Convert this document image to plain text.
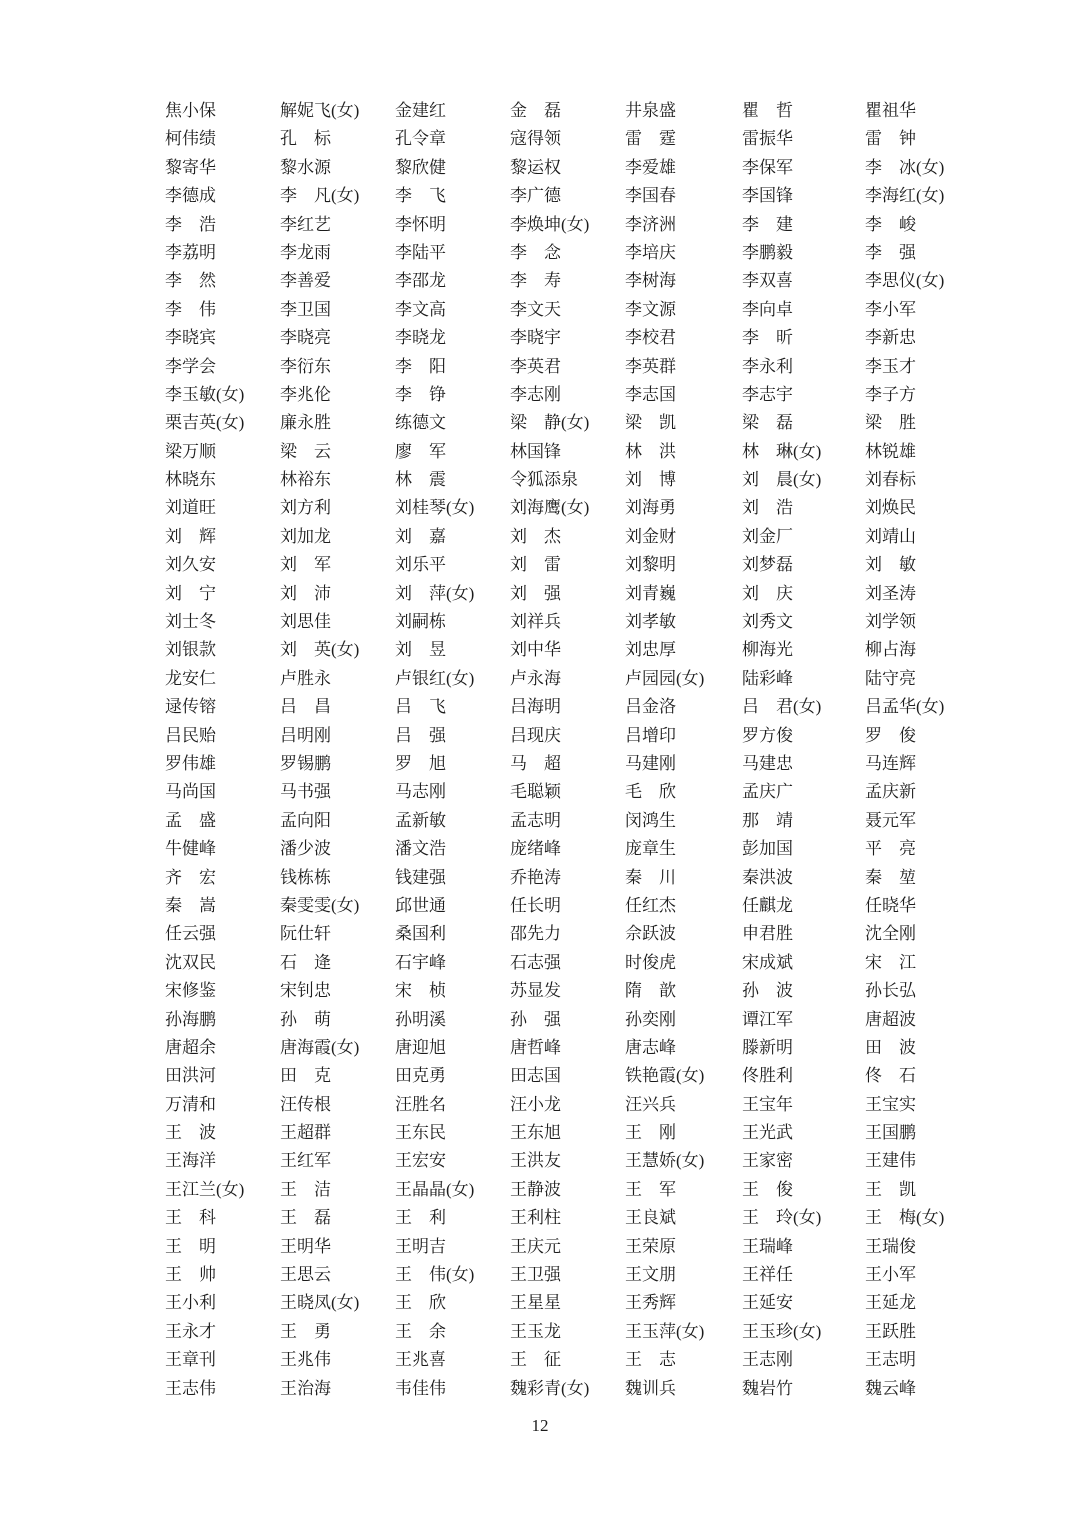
焦小保	解妮飞(女)	金建红	金　磊	井泉盛	瞿　哲	瞿祖华
柯伟绩	孔　标	孔令章	寇得领	雷　霆	雷振华	雷　钟
黎寄华	黎水源	黎欣健	黎运权	李爱雄	李保军	李　冰(女)
李德成	李　凡(女)	李　飞	李广德	李国春	李国锋	李海红(女)
李　浩	李红艺	李怀明	李焕坤(女)	李济洲	李　建	李　峻
李荔明	李龙雨	李陆平	李　念	李培庆	李鹏毅	李　强
李　然	李善爱	李邵龙	李　寿	李树海	李双喜	李思仪(女)
李　伟	李卫国	李文高	李文天	李文源	李向卓	李小军
李晓宾	李晓亮	李晓龙	李晓宇	李校君	李　昕	李新忠
李学会	李衍东	李　阳	李英君	李英群	李永利	李玉才
李玉敏(女)	李兆伦	李　铮	李志刚	李志国	李志宇	李子方
栗吉英(女)	廉永胜	练德文	梁　静(女)	梁　凯	梁　磊	梁　胜
梁万顺	梁　云	廖　军	林国锋	林　洪	林　琳(女)	林锐雄
林晓东	林裕东	林　震	令狐添泉	刘　博	刘　晨(女)	刘春标
刘道旺	刘方利	刘桂琴(女)	刘海鹰(女)	刘海勇	刘　浩	刘焕民
刘　辉	刘加龙	刘　嘉	刘　杰	刘金财	刘金厂	刘靖山
刘久安	刘　军	刘乐平	刘　雷	刘黎明	刘梦磊	刘　敏
刘　宁	刘　沛	刘　萍(女)	刘　强	刘青巍	刘　庆	刘圣涛
刘士冬	刘思佳	刘嗣栋	刘祥兵	刘孝敏	刘秀文	刘学领
刘银款	刘　英(女)	刘　昱	刘中华	刘忠厚	柳海光	柳占海
龙安仁	卢胜永	卢银红(女)	卢永海	卢园园(女)	陆彩峰	陆守亮
逯传镕	吕　昌	吕　飞	吕海明	吕金洛	吕　君(女)	吕孟华(女)
吕民贻	吕明刚	吕　强	吕现庆	吕增印	罗方俊	罗　俊
罗伟雄	罗锡鹏	罗　旭	马　超	马建刚	马建忠	马连辉
马尚国	马书强	马志刚	毛聪颖	毛　欣	孟庆广	孟庆新
孟　盛	孟向阳	孟新敏	孟志明	闵鸿生	那　靖	聂元军
牛健峰	潘少波	潘文浩	庞绪峰	庞章生	彭加国	平　亮
齐　宏	钱栋栋	钱建强	乔艳涛	秦　川	秦洪波	秦　堃
秦　嵩	秦雯雯(女)	邱世通	任长明	任红杰	任麒龙	任晓华
任云强	阮仕轩	桑国利	邵先力	佘跃波	申君胜	沈全刚
沈双民	石　逄	石宇峰	石志强	时俊虎	宋成斌	宋　江
宋修鉴	宋钊忠	宋　桢	苏显发	隋　歆	孙　波	孙长弘
孙海鹏	孙　萌	孙明溪	孙　强	孙奕刚	谭江军	唐超波
唐超余	唐海霞(女)	唐迎旭	唐哲峰	唐志峰	滕新明	田　波
田洪河	田　克	田克勇	田志国	铁艳霞(女)	佟胜利	佟　石
万清和	汪传根	汪胜名	汪小龙	汪兴兵	王宝年	王宝实
王　波	王超群	王东民	王东旭	王　刚	王光武	王国鹏
王海洋	王红军	王宏安	王洪友	王慧娇(女)	王家密	王建伟
王江兰(女)	王　洁	王晶晶(女)	王静波	王　军	王　俊	王　凯
王　科	王　磊	王　利	王利柱	王良斌	王　玲(女)	王　梅(女)
王　明	王明华	王明吉	王庆元	王荣原	王瑞峰	王瑞俊
王　帅	王思云	王　伟(女)	王卫强	王文朋	王祥任	王小军
王小利	王晓凤(女)	王　欣	王星星	王秀辉	王延安	王延龙
王永才	王　勇	王　余	王玉龙	王玉萍(女)	王玉珍(女)	王跃胜
王章刊	王兆伟	王兆喜	王　征	王　志	王志刚	王志明
王志伟	王治海	韦佳伟	魏彩青(女)	魏训兵	魏岩竹	魏云峰
12
